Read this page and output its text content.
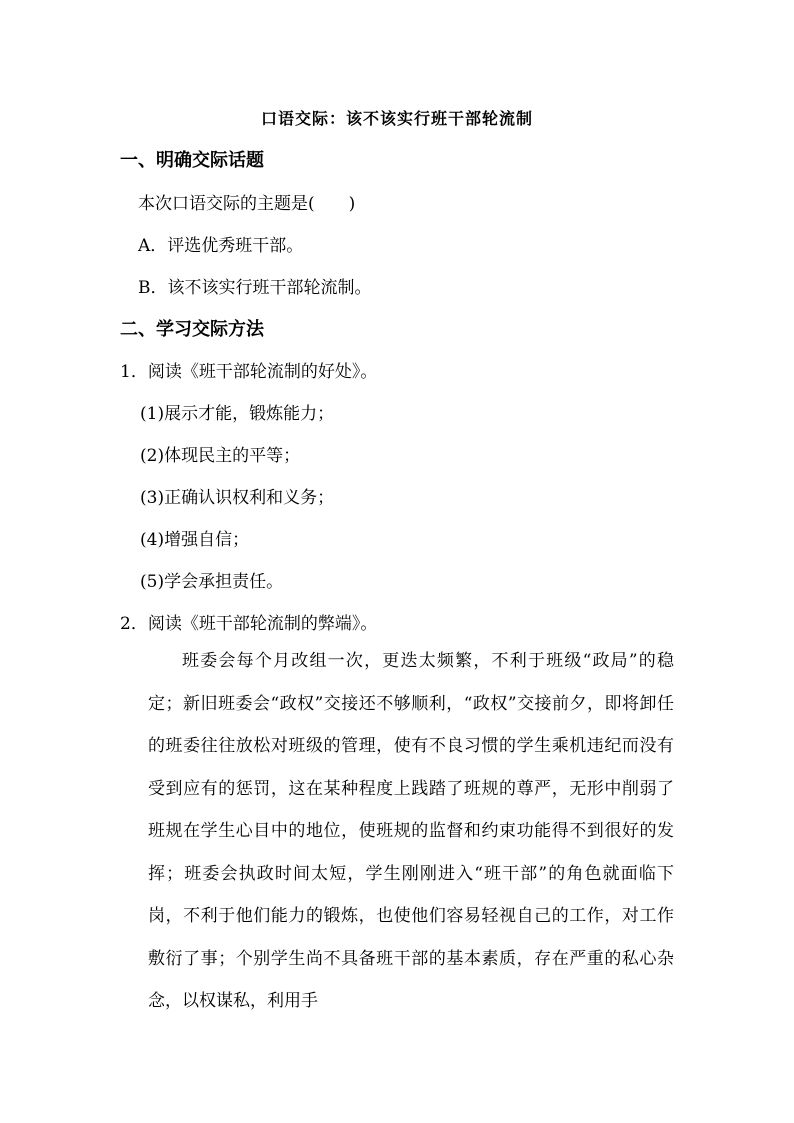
口语交际：该不该实行班干部轮流制
一、明确交际话题
本次口语交际的主题是(　　)
A．评选优秀班干部。
B．该不该实行班干部轮流制。
二、学习交际方法
1．阅读《班干部轮流制的好处》。
(1)展示才能，锻炼能力；
(2)体现民主的平等；
(3)正确认识权利和义务；
(4)增强自信；
(5)学会承担责任。
2．阅读《班干部轮流制的弊端》。
班委会每个月改组一次，更迭太频繁，不利于班级“政局”的稳定；新旧班委会“政权”交接还不够顺利，“政权”交接前夕，即将卸任的班委往往放松对班级的管理，使有不良习惯的学生乘机违纪而没有受到应有的惩罚，这在某种程度上践踏了班规的尊严，无形中削弱了班规在学生心目中的地位，使班规的监督和约束功能得不到很好的发挥；班委会执政时间太短，学生刚刚进入“班干部”的角色就面临下岗，不利于他们能力的锻炼，也使他们容易轻视自己的工作，对工作敷衍了事；个别学生尚不具备班干部的基本素质，存在严重的私心杂念，以权谋私，利用手
